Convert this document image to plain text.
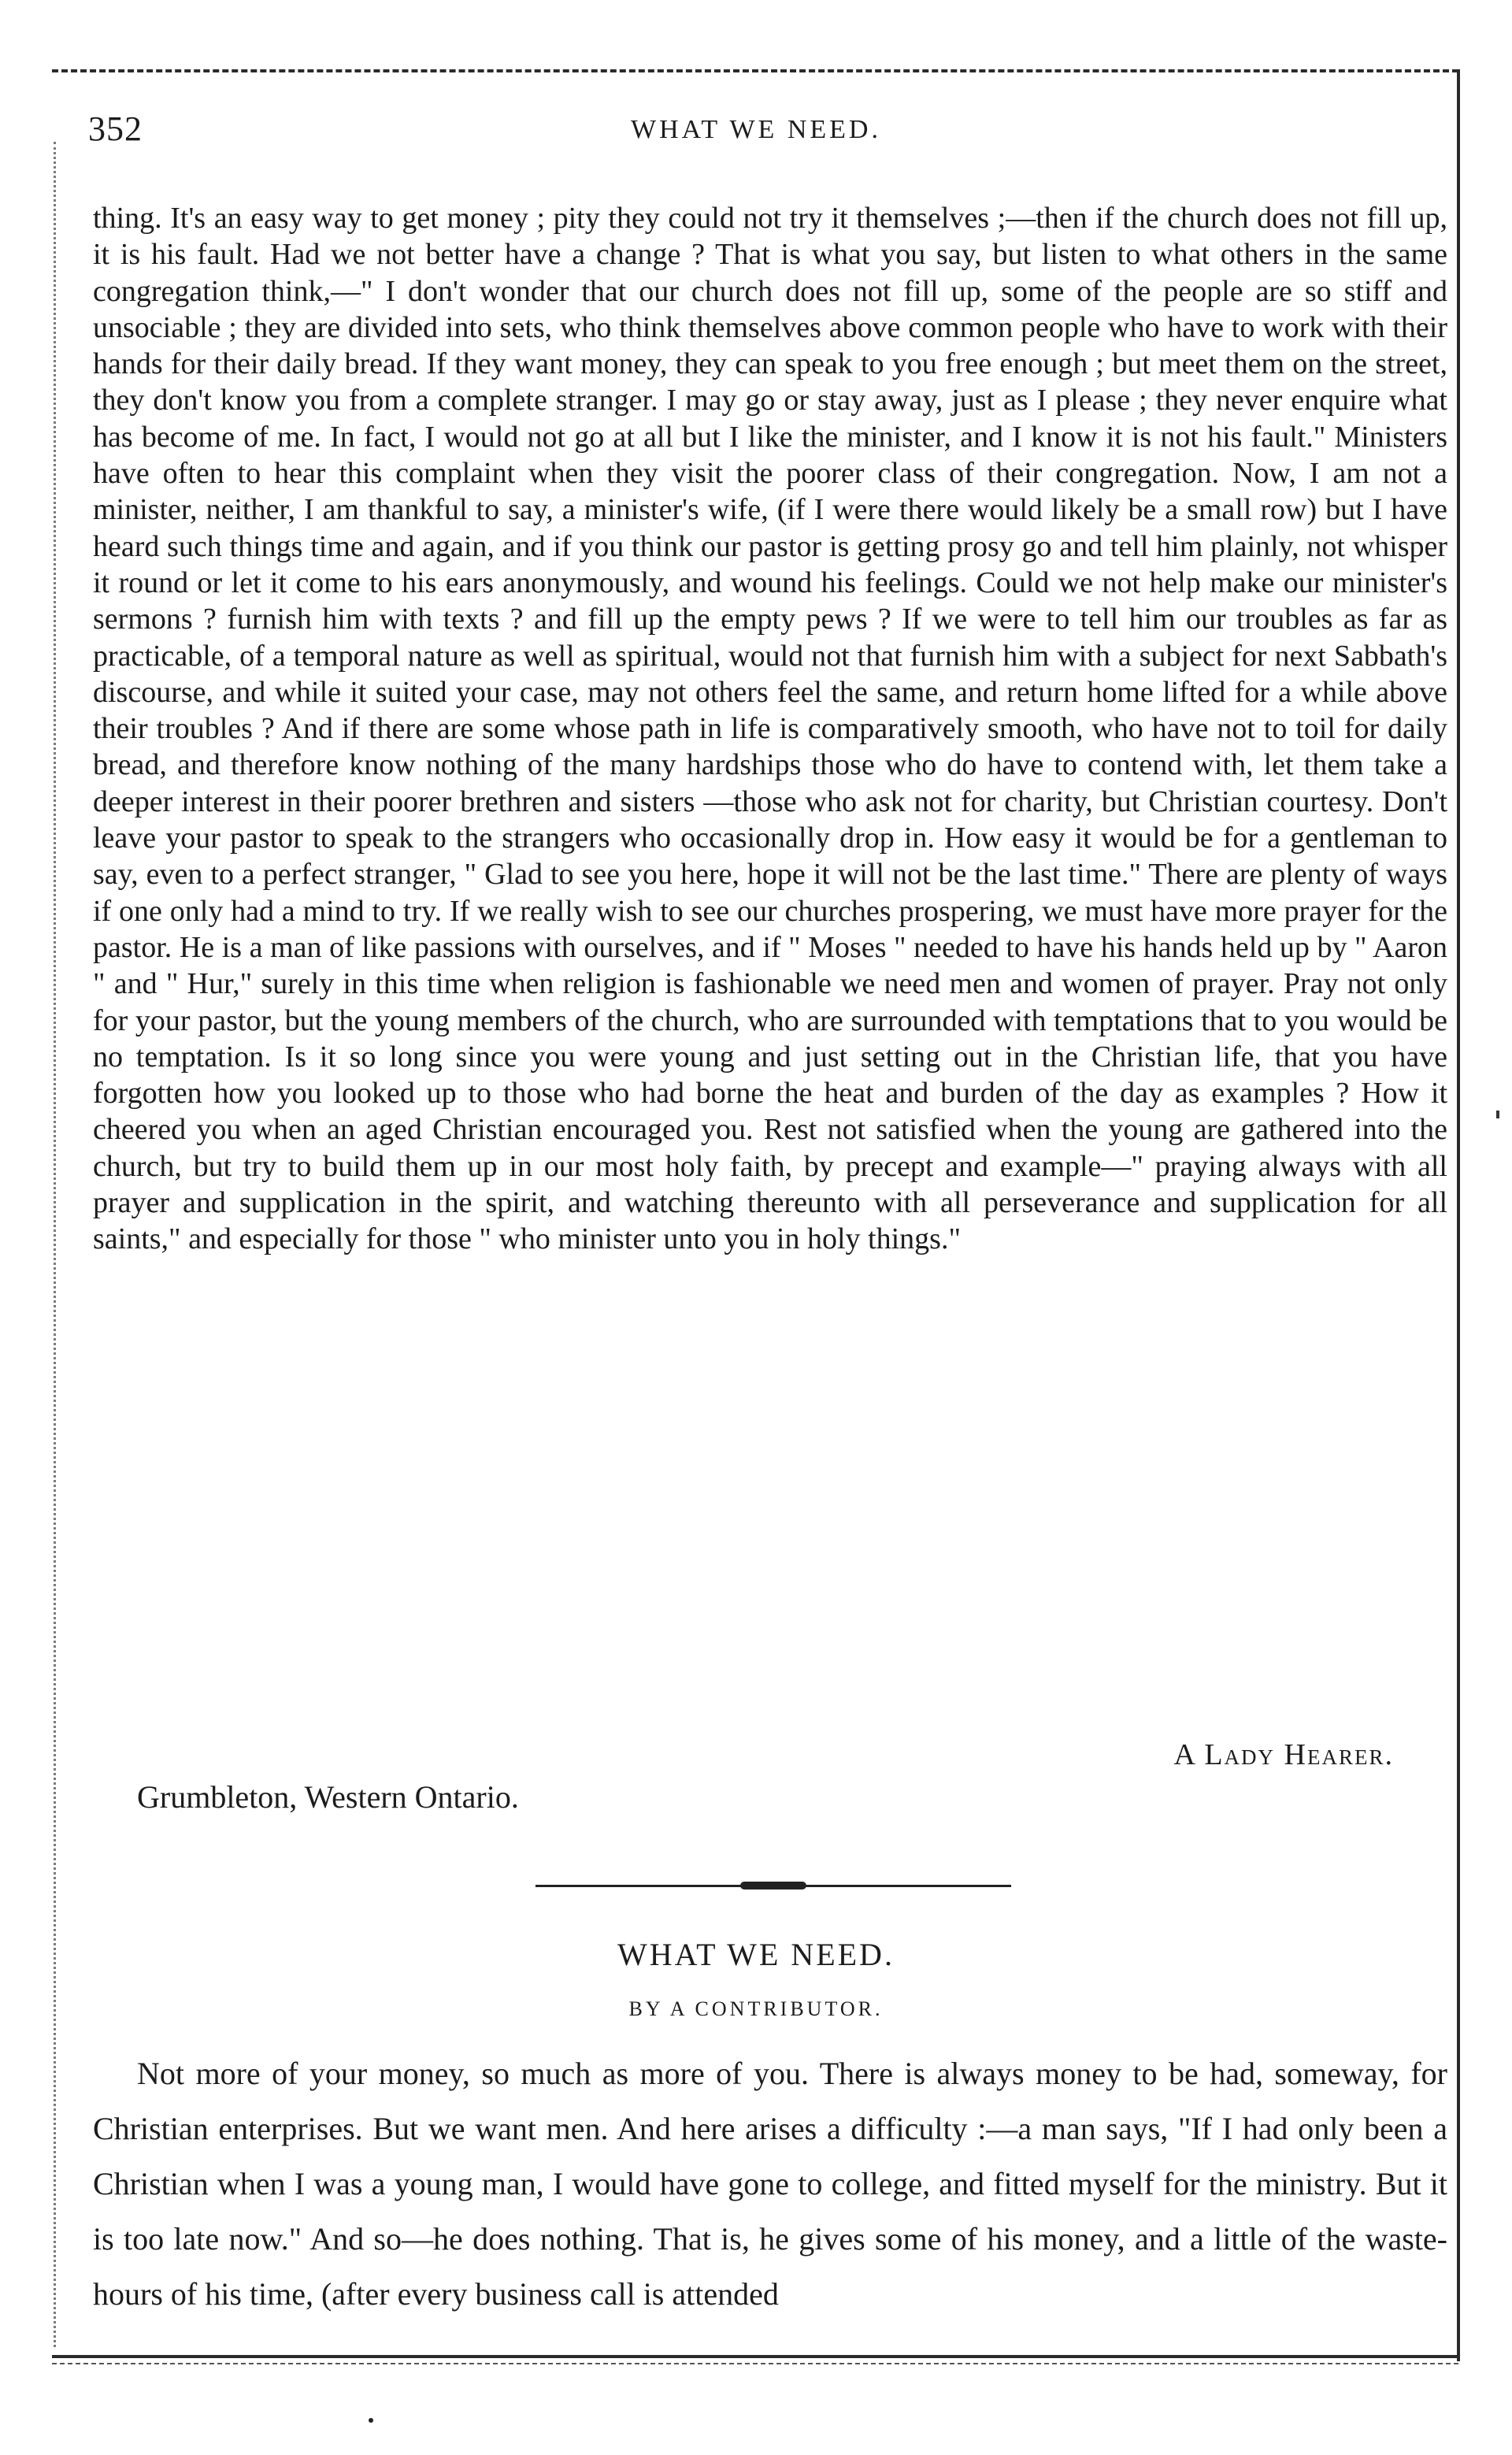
352	WHAT WE NEED.

thing. It's an easy way to get money ; pity they could not try it themselves ;—then if the church does not fill up, it is his fault. Had we not better have a change ? That is what you say, but listen to what others in the same congregation think,—" I don't wonder that our church does not fill up, some of the people are so stiff and unsociable ; they are divided into sets, who think themselves above common people who have to work with their hands for their daily bread. If they want money, they can speak to you free enough ; but meet them on the street, they don't know you from a complete stranger. I may go or stay away, just as I please ; they never enquire what has become of me. In fact, I would not go at all but I like the minister, and I know it is not his fault." Ministers have often to hear this complaint when they visit the poorer class of their congregation. Now, I am not a minister, neither, I am thankful to say, a minister's wife, (if I were there would likely be a small row) but I have heard such things time and again, and if you think our pastor is getting prosy go and tell him plainly, not whisper it round or let it come to his ears anonymously, and wound his feelings. Could we not help make our minister's sermons ? furnish him with texts ? and fill up the empty pews ? If we were to tell him our troubles as far as practicable, of a temporal nature as well as spiritual, would not that furnish him with a subject for next Sabbath's discourse, and while it suited your case, may not others feel the same, and return home lifted for a while above their troubles ? And if there are some whose path in life is comparatively smooth, who have not to toil for daily bread, and therefore know nothing of the many hardships those who do have to contend with, let them take a deeper interest in their poorer brethren and sisters —those who ask not for charity, but Christian courtesy. Don't leave your pastor to speak to the strangers who occasionally drop in. How easy it would be for a gentleman to say, even to a perfect stranger, " Glad to see you here, hope it will not be the last time." There are plenty of ways if one only had a mind to try. If we really wish to see our churches prospering, we must have more prayer for the pastor. He is a man of like passions with ourselves, and if " Moses " needed to have his hands held up by " Aaron " and " Hur," surely in this time when religion is fashionable we need men and women of prayer. Pray not only for your pastor, but the young members of the church, who are surrounded with temptations that to you would be no temptation. Is it so long since you were young and just setting out in the Christian life, that you have forgotten how you looked up to those who had borne the heat and burden of the day as examples ? How it cheered you when an aged Christian encouraged you. Rest not satisfied when the young are gathered into the church, but try to build them up in our most holy faith, by precept and example—" praying always with all prayer and supplication in the spirit, and watching thereunto with all perseverance and supplication for all saints," and especially for those " who minister unto you in holy things."

A Lady Hearer.
Grumbleton, Western Ontario.
WHAT WE NEED.
BY A CONTRIBUTOR.

Not more of your money, so much as more of you. There is always money to be had, someway, for Christian enterprises. But we want men. And here arises a difficulty :—a man says, "If I had only been a Christian when I was a young man, I would have gone to college, and fitted myself for the ministry. But it is too late now." And so—he does nothing. That is, he gives some of his money, and a little of the waste-hours of his time, (after every business call is attended
